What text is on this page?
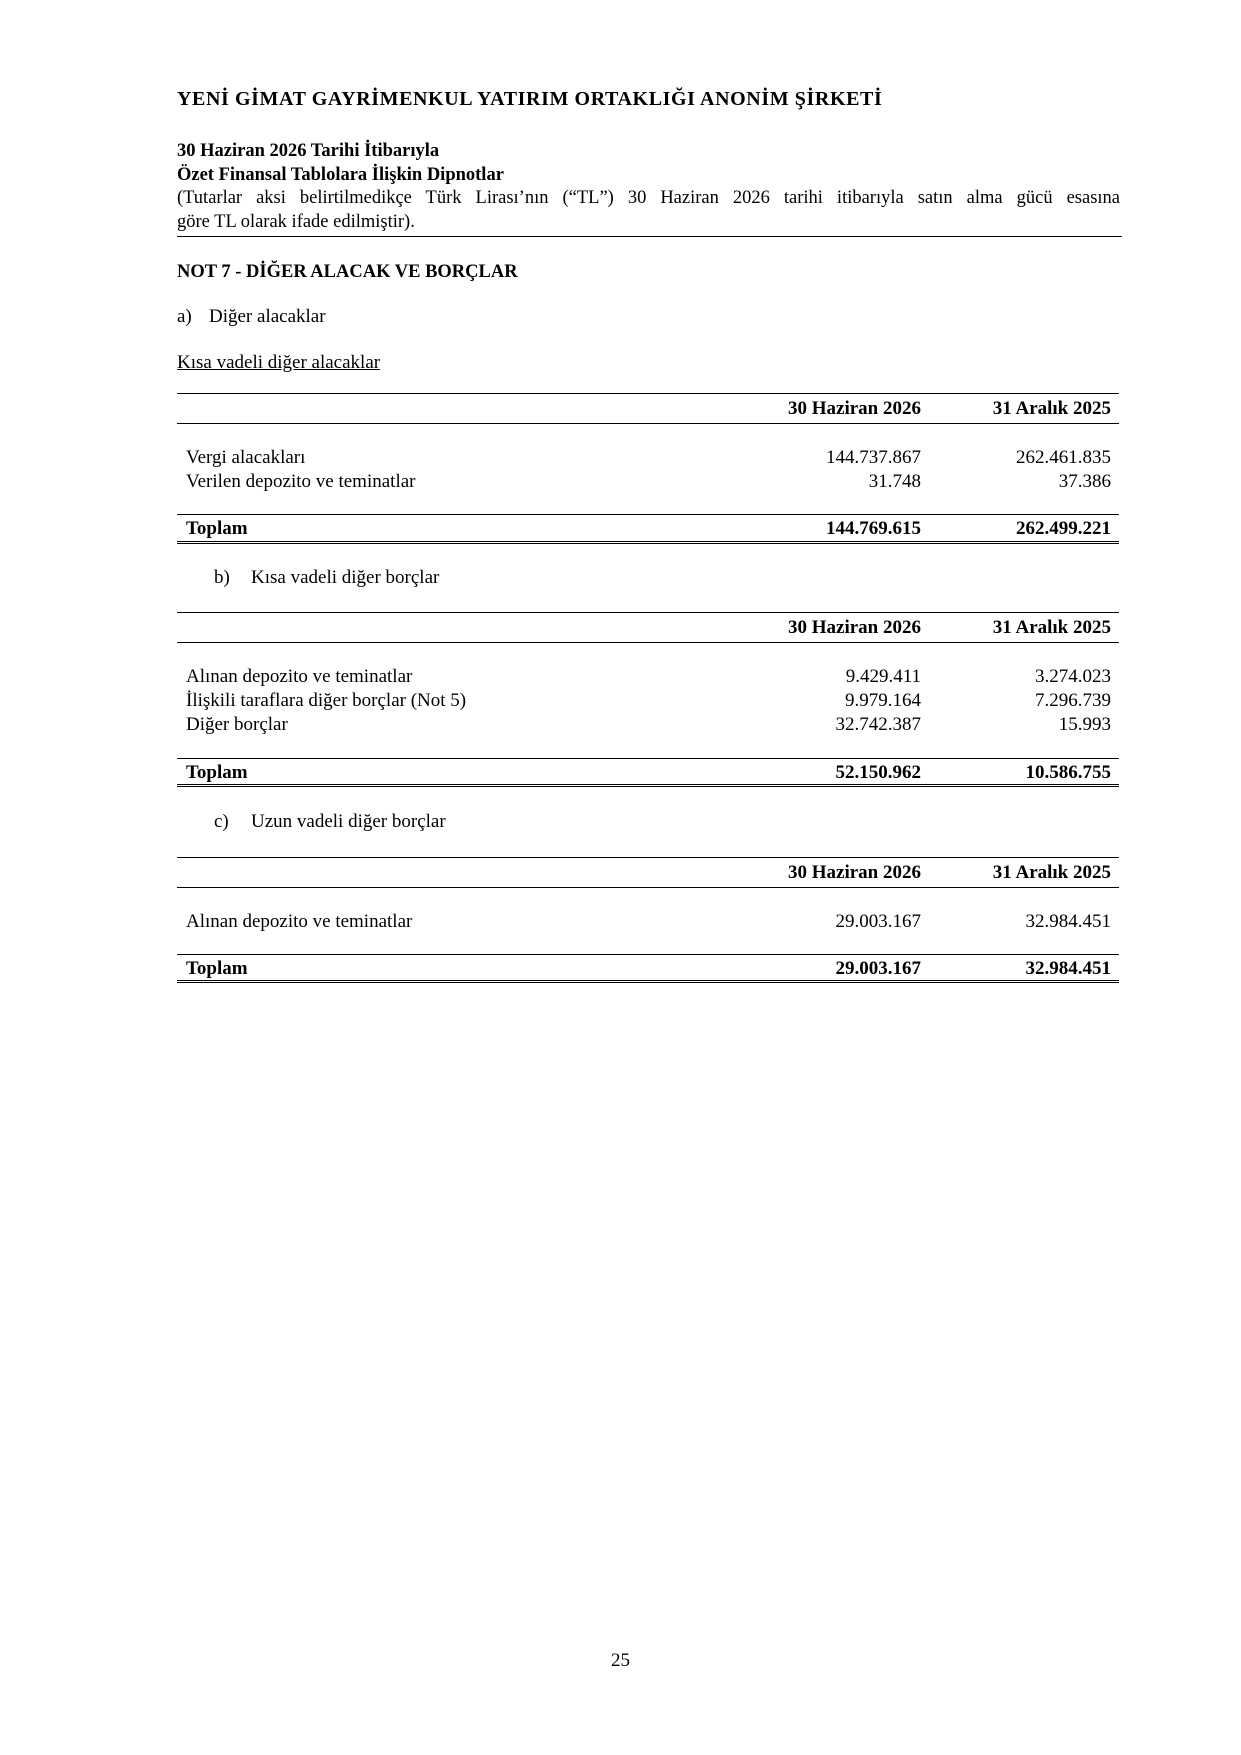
YENİ GİMAT GAYRİMENKUL YATIRIM ORTAKLIĞI ANONİM ŞİRKETİ
30 Haziran 2026 Tarihi İtibarıyla
Özet Finansal Tablolara İlişkin Dipnotlar
(Tutarlar aksi belirtilmedikçe Türk Lirası’nın (“TL”) 30 Haziran 2026 tarihi itibarıyla satın alma gücü esasına
göre TL olarak ifade edilmiştir).
NOT 7 - DİĞER ALACAK VE BORÇLAR
a) Diğer alacaklar
Kısa vadeli diğer alacaklar
30 Haziran 2026	31 Aralık 2025
Vergi alacakları	144.737.867	262.461.835
Verilen depozito ve teminatlar	31.748	37.386
Toplam	144.769.615	262.499.221
b) Kısa vadeli diğer borçlar
30 Haziran 2026	31 Aralık 2025
Alınan depozito ve teminatlar	9.429.411	3.274.023
İlişkili taraflara diğer borçlar (Not 5)	9.979.164	7.296.739
Diğer borçlar	32.742.387	15.993
Toplam	52.150.962	10.586.755
c) Uzun vadeli diğer borçlar
30 Haziran 2026	31 Aralık 2025
Alınan depozito ve teminatlar	29.003.167	32.984.451
Toplam	29.003.167	32.984.451
25
